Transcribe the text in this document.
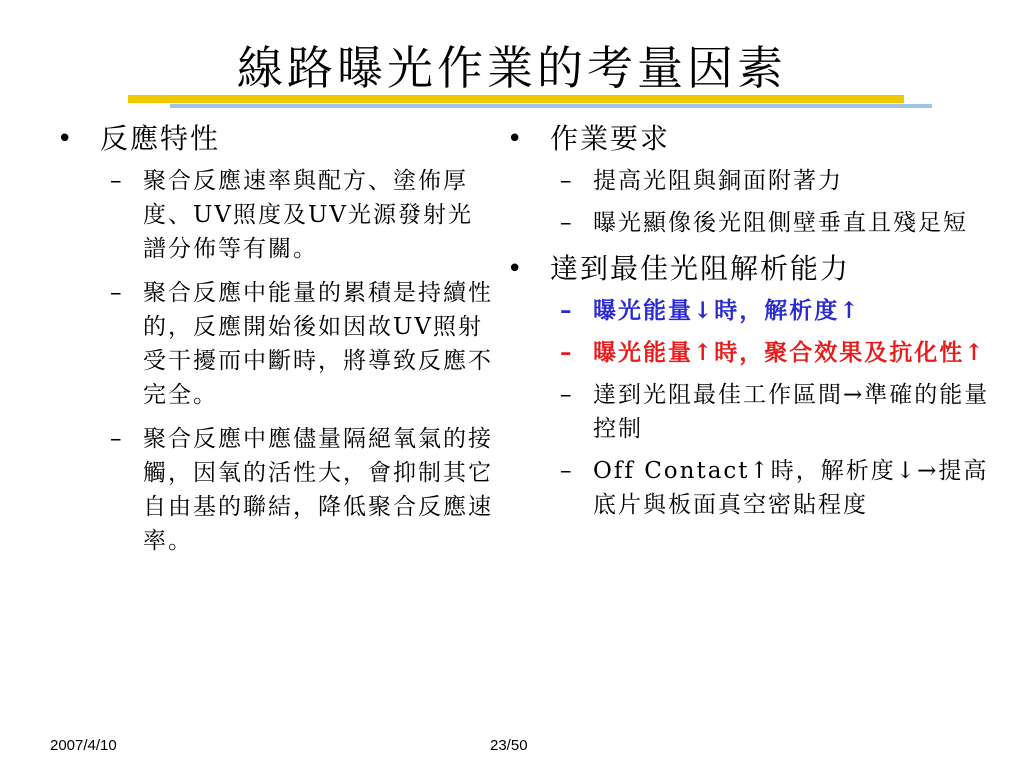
線路曝光作業的考量因素
• 反應特性
– 聚合反應速率與配方、塗佈厚度、UV照度及UV光源發射光譜分佈等有關。
– 聚合反應中能量的累積是持續性的，反應開始後如因故UV照射受干擾而中斷時，將導致反應不完全。
– 聚合反應中應儘量隔絕氧氣的接觸，因氧的活性大，會抑制其它自由基的聯結，降低聚合反應速率。
• 作業要求
– 提高光阻與銅面附著力
– 曝光顯像後光阻側壁垂直且殘足短
• 達到最佳光阻解析能力
– 曝光能量↓時，解析度↑
– 曝光能量↑時，聚合效果及抗化性↑
– 達到光阻最佳工作區間→準確的能量控制
– Off Contact↑時，解析度↓→提高底片與板面真空密貼程度
2007/4/10	23/50
